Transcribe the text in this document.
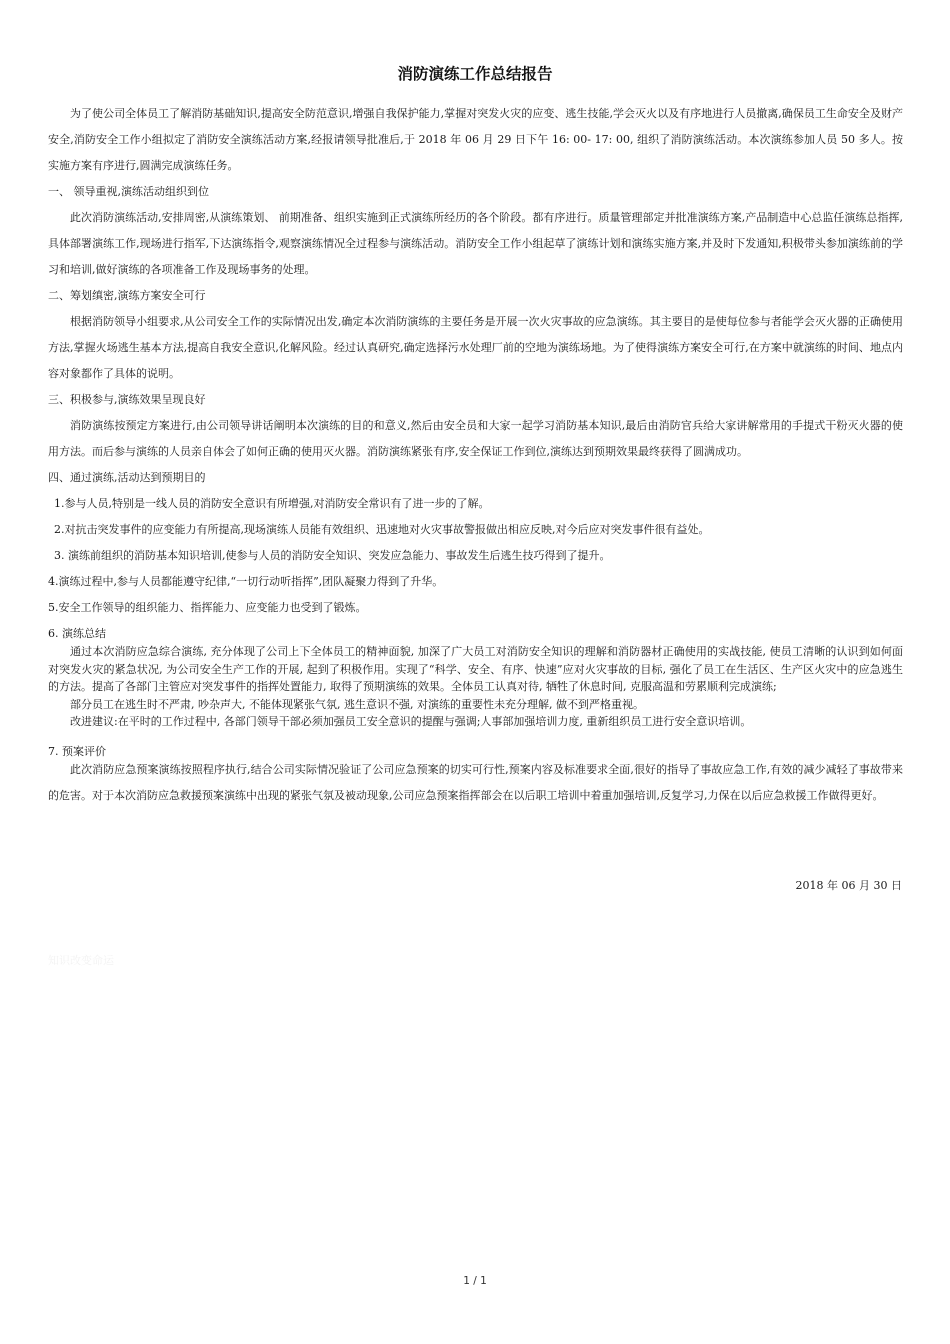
消防演练工作总结报告

为了使公司全体员工了解消防基础知识,提高安全防范意识,增强自我保护能力,掌握对突发火灾的应变、逃生技能,学会灭火以及有序地进行人员撤离,确保员工生命安全及财产安全,消防安全工作小组拟定了消防安全演练活动方案,经报请领导批准后,于 2018 年 06 月 29 日下午 16: 00- 17: 00, 组织了消防演练活动。本次演练参加人员 50 多人。按实施方案有序进行,圆满完成演练任务。

一、 领导重视,演练活动组织到位

此次消防演练活动,安排周密,从演练策划、 前期准备、组织实施到正式演练所经历的各个阶段。都有序进行。质量管理部定并批准演练方案,产品制造中心总监任演练总指挥,具体部署演练工作,现场进行指军,下达演练指令,观察演练情况全过程参与演练活动。消防安全工作小组起草了演练计划和演练实施方案,并及时下发通知,积极带头参加演练前的学习和培训,做好演练的各项准备工作及现场事务的处理。

二、筹划缜密,演练方案安全可行

根据消防领导小组要求,从公司安全工作的实际情况出发,确定本次消防演练的主要任务是开展一次火灾事故的应急演练。其主要目的是使每位参与者能学会灭火器的正确使用方法,掌握火场逃生基本方法,提高自我安全意识,化解风险。经过认真研究,确定选择污水处理厂前的空地为演练场地。为了使得演练方案安全可行,在方案中就演练的时间、地点内容对象都作了具体的说明。

三、积极参与,演练效果呈现良好

消防演练按预定方案进行,由公司领导讲话阐明本次演练的目的和意义,然后由安全员和大家一起学习消防基本知识,最后由消防官兵给大家讲解常用的手提式干粉灭火器的使用方法。而后参与演练的人员亲自体会了如何正确的使用灭火器。消防演练紧张有序,安全保证工作到位,演练达到预期效果最终获得了圆满成功。

四、通过演练,活动达到预期目的

1.参与人员,特别是一线人员的消防安全意识有所增强,对消防安全常识有了进一步的了解。

2.对抗击突发事件的应变能力有所提高,现场演练人员能有效组织、迅速地对火灾事故警报做出相应反映,对今后应对突发事件很有益处。

3. 演练前组织的消防基本知识培训,使参与人员的消防安全知识、突发应急能力、事故发生后逃生技巧得到了提升。

4.演练过程中,参与人员都能遵守纪律,“一切行动听指挥”,团队凝聚力得到了升华。

5.安全工作领导的组织能力、指挥能力、应变能力也受到了锻炼。

6. 演练总结

通过本次消防应急综合演练, 充分体现了公司上下全体员工的精神面貌, 加深了广大员工对消防安全知识的理解和消防器材正确使用的实战技能, 使员工清晰的认识到如何面对突发火灾的紧急状况, 为公司安全生产工作的开展, 起到了积极作用。实现了“科学、安全、有序、快速”应对火灾事故的目标, 强化了员工在生活区、生产区火灾中的应急逃生的方法。提高了各部门主管应对突发事件的指挥处置能力, 取得了预期演练的效果。全体员工认真对待, 牺牲了休息时间, 克服高温和劳累顺利完成演练;

部分员工在逃生时不严肃, 吵杂声大, 不能体现紧张气氛, 逃生意识不强, 对演练的重要性未充分理解, 做不到严格重视。

改进建议:在平时的工作过程中, 各部门领导干部必须加强员工安全意识的提醒与强调;人事部加强培训力度, 重新组织员工进行安全意识培训。

7. 预案评价

此次消防应急预案演练按照程序执行,结合公司实际情况验证了公司应急预案的切实可行性,预案内容及标准要求全面,很好的指导了事故应急工作,有效的减少减轻了事故带来的危害。对于本次消防应急救援预案演练中出现的紧张气氛及被动现象,公司应急预案指挥部会在以后职工培训中着重加强培训,反复学习,力保在以后应急救援工作做得更好。

2018 年 06 月 30 日
知识改变命运
1 / 1
